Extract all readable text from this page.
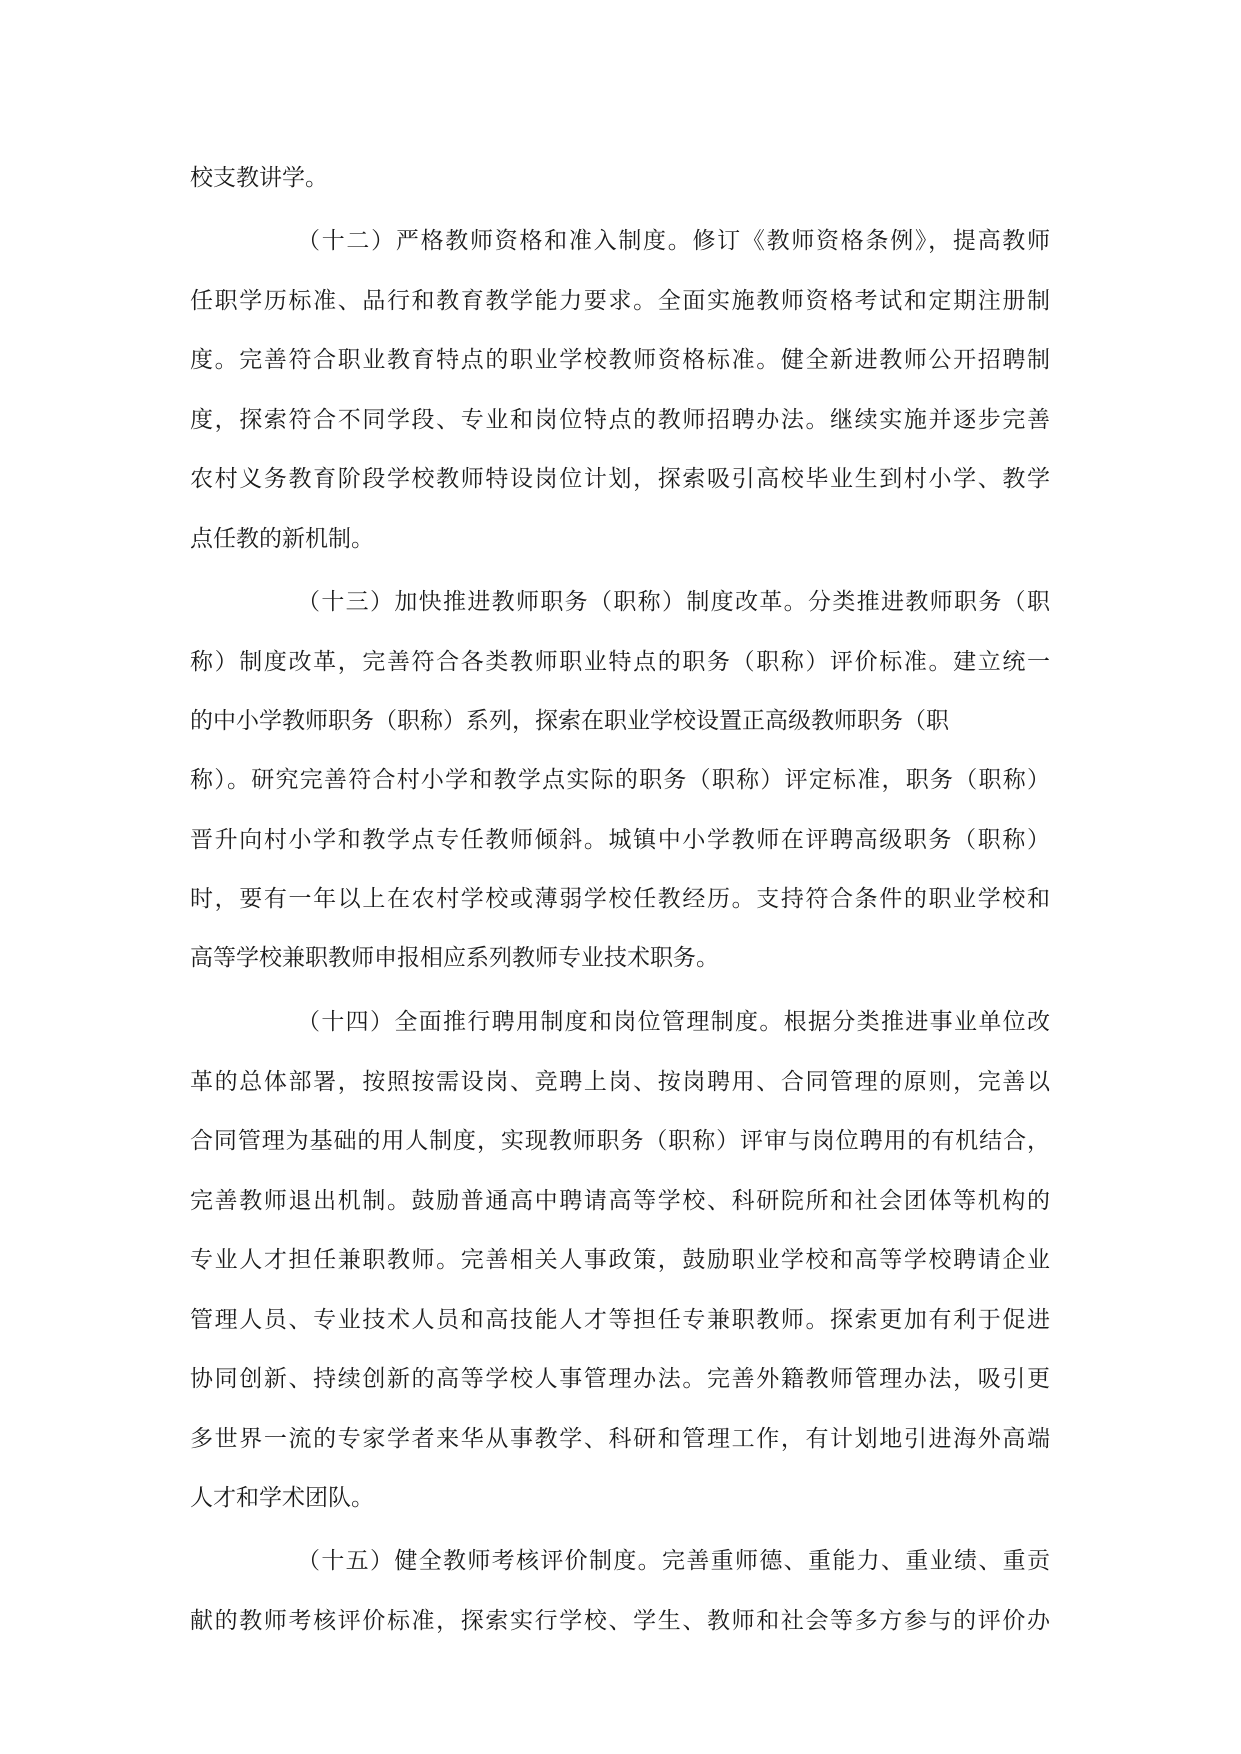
校支教讲学。

（十二）严格教师资格和准入制度。修订《教师资格条例》，提高教师

任职学历标准、品行和教育教学能力要求。全面实施教师资格考试和定期注册制

度。完善符合职业教育特点的职业学校教师资格标准。健全新进教师公开招聘制

度，探索符合不同学段、专业和岗位特点的教师招聘办法。继续实施并逐步完善

农村义务教育阶段学校教师特设岗位计划，探索吸引高校毕业生到村小学、教学

点任教的新机制。

（十三）加快推进教师职务（职称）制度改革。分类推进教师职务（职

称）制度改革，完善符合各类教师职业特点的职务（职称）评价标准。建立统一

的中小学教师职务（职称）系列，探索在职业学校设置正高级教师职务（职

称）。研究完善符合村小学和教学点实际的职务（职称）评定标准，职务（职称）

晋升向村小学和教学点专任教师倾斜。城镇中小学教师在评聘高级职务（职称）

时，要有一年以上在农村学校或薄弱学校任教经历。支持符合条件的职业学校和

高等学校兼职教师申报相应系列教师专业技术职务。

（十四）全面推行聘用制度和岗位管理制度。根据分类推进事业单位改

革的总体部署，按照按需设岗、竞聘上岗、按岗聘用、合同管理的原则，完善以

合同管理为基础的用人制度，实现教师职务（职称）评审与岗位聘用的有机结合，

完善教师退出机制。鼓励普通高中聘请高等学校、科研院所和社会团体等机构的

专业人才担任兼职教师。完善相关人事政策，鼓励职业学校和高等学校聘请企业

管理人员、专业技术人员和高技能人才等担任专兼职教师。探索更加有利于促进

协同创新、持续创新的高等学校人事管理办法。完善外籍教师管理办法，吸引更

多世界一流的专家学者来华从事教学、科研和管理工作，有计划地引进海外高端

人才和学术团队。

（十五）健全教师考核评价制度。完善重师德、重能力、重业绩、重贡

献的教师考核评价标准，探索实行学校、学生、教师和社会等多方参与的评价办
